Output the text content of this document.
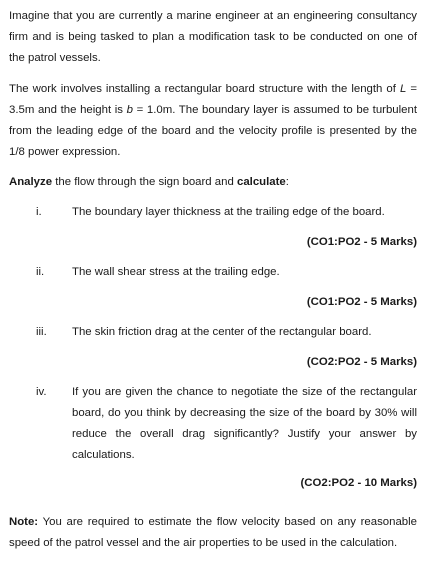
Imagine that you are currently a marine engineer at an engineering consultancy firm and is being tasked to plan a modification task to be conducted on one of the patrol vessels.

The work involves installing a rectangular board structure with the length of L = 3.5m and the height is b = 1.0m. The boundary layer is assumed to be turbulent from the leading edge of the board and the velocity profile is presented by the 1/8 power expression.

Analyze the flow through the sign board and calculate:

i.	The boundary layer thickness at the trailing edge of the board.
(CO1:PO2 - 5 Marks)
ii. The wall shear stress at the trailing edge.
(CO1:PO2 - 5 Marks)
iii. The skin friction drag at the center of the rectangular board.
(CO2:PO2 - 5 Marks)
iv. If you are given the chance to negotiate the size of the rectangular board, do you think by decreasing the size of the board by 30% will reduce the overall drag significantly? Justify your answer by calculations.
(CO2:PO2 - 10 Marks)

Note: You are required to estimate the flow velocity based on any reasonable speed of the patrol vessel and the air properties to be used in the calculation.
